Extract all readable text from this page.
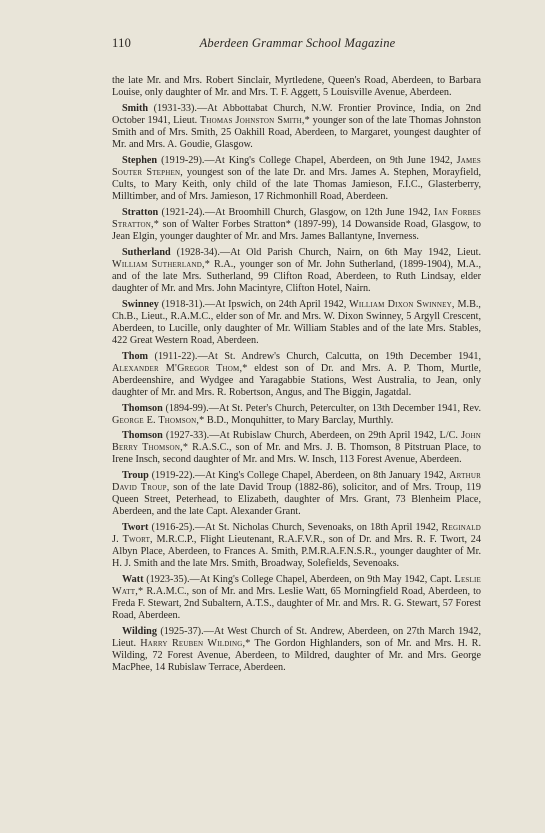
110	Aberdeen Grammar School Magazine

the late Mr. and Mrs. Robert Sinclair, Myrtledene, Queen's Road, Aberdeen, to Barbara Louise, only daughter of Mr. and Mrs. T. F. Aggett, 5 Louisville Avenue, Aberdeen.

Smith (1931-33).—At Abbottabat Church, N.W. Frontier Province, India, on 2nd October 1941, Lieut. Thomas Johnston Smith,* younger son of the late Thomas Johnston Smith and of Mrs. Smith, 25 Oakhill Road, Aberdeen, to Margaret, youngest daughter of Mr. and Mrs. A. Goudie, Glasgow.

Stephen (1919-29).—At King's College Chapel, Aberdeen, on 9th June 1942, James Souter Stephen, youngest son of the late Dr. and Mrs. James A. Stephen, Morayfield, Cults, to Mary Keith, only child of the late Thomas Jamieson, F.I.C., Glasterberry, Milltimber, and of Mrs. Jamieson, 17 Richmonhill Road, Aberdeen.

Stratton (1921-24).—At Broomhill Church, Glasgow, on 12th June 1942, Ian Forbes Stratton,* son of Walter Forbes Stratton* (1897-99), 14 Dowanside Road, Glasgow, to Jean Elgin, younger daughter of Mr. and Mrs. James Ballantyne, Inverness.

Sutherland (1928-34).—At Old Parish Church, Nairn, on 6th May 1942, Lieut. William Sutherland,* R.A., younger son of Mr. John Sutherland, (1899-1904), M.A., and of the late Mrs. Sutherland, 99 Clifton Road, Aberdeen, to Ruth Lindsay, elder daughter of Mr. and Mrs. John Macintyre, Clifton Hotel, Nairn.

Swinney (1918-31).—At Ipswich, on 24th April 1942, William Dixon Swinney, M.B., Ch.B., Lieut., R.A.M.C., elder son of Mr. and Mrs. W. Dixon Swinney, 5 Argyll Crescent, Aberdeen, to Lucille, only daughter of Mr. William Stables and of the late Mrs. Stables, 422 Great Western Road, Aberdeen.

Thom (1911-22).—At St. Andrew's Church, Calcutta, on 19th December 1941, Alexander M'Gregor Thom,* eldest son of Dr. and Mrs. A. P. Thom, Murtle, Aberdeenshire, and Wydgee and Yaragabbie Stations, West Australia, to Jean, only daughter of Mr. and Mrs. R. Robertson, Angus, and The Biggin, Jagatdal.

Thomson (1894-99).—At St. Peter's Church, Peterculter, on 13th December 1941, Rev. George E. Thomson,* B.D., Monquhitter, to Mary Barclay, Murthly.

Thomson (1927-33).—At Rubislaw Church, Aberdeen, on 29th April 1942, L/C. John Berry Thomson,* R.A.S.C., son of Mr. and Mrs. J. B. Thomson, 8 Pitstruan Place, to Irene Insch, second daughter of Mr. and Mrs. W. Insch, 113 Forest Avenue, Aberdeen.

Troup (1919-22).—At King's College Chapel, Aberdeen, on 8th January 1942, Arthur David Troup, son of the late David Troup (1882-86), solicitor, and of Mrs. Troup, 119 Queen Street, Peterhead, to Elizabeth, daughter of Mrs. Grant, 73 Blenheim Place, Aberdeen, and the late Capt. Alexander Grant.

Twort (1916-25).—At St. Nicholas Church, Sevenoaks, on 18th April 1942, Reginald J. Twort, M.R.C.P., Flight Lieutenant, R.A.F.V.R., son of Dr. and Mrs. R. F. Twort, 24 Albyn Place, Aberdeen, to Frances A. Smith, P.M.R.A.F.N.S.R., younger daughter of Mr. H. J. Smith and the late Mrs. Smith, Broadway, Solefields, Sevenoaks.

Watt (1923-35).—At King's College Chapel, Aberdeen, on 9th May 1942, Capt. Leslie Watt,* R.A.M.C., son of Mr. and Mrs. Leslie Watt, 65 Morningfield Road, Aberdeen, to Freda F. Stewart, 2nd Subaltern, A.T.S., daughter of Mr. and Mrs. R. G. Stewart, 57 Forest Road, Aberdeen.

Wilding (1925-37).—At West Church of St. Andrew, Aberdeen, on 27th March 1942, Lieut. Harry Reuben Wilding,* The Gordon Highlanders, son of Mr. and Mrs. H. R. Wilding, 72 Forest Avenue, Aberdeen, to Mildred, daughter of Mr. and Mrs. George MacPhee, 14 Rubislaw Terrace, Aberdeen.
